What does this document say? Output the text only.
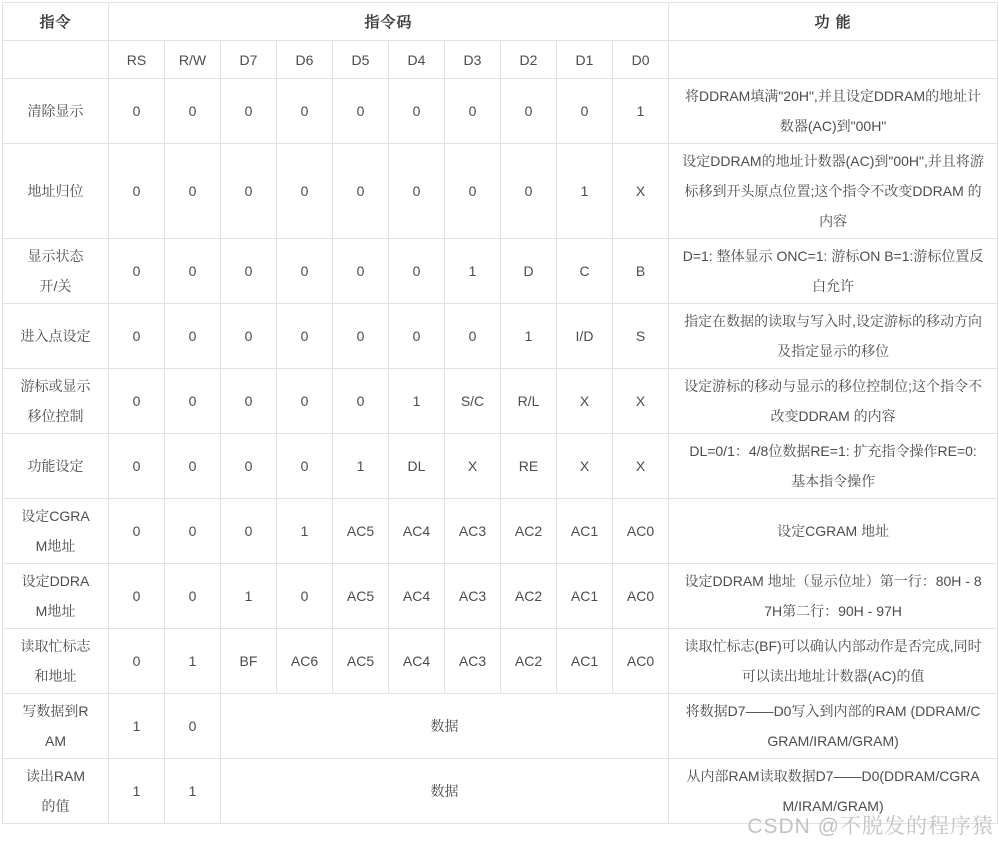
指令	指令码										功 能
	RS	R/W	D7	D6	D5	D4	D3	D2	D1	D0	
清除显示	0	0	0	0	0	0	0	0	0	1	将DDRAM填满"20H",并且设定DDRAM的地址计数器(AC)到"00H"
地址归位	0	0	0	0	0	0	0	0	1	X	设定DDRAM的地址计数器(AC)到"00H",并且将游标移到开头原点位置;这个指令不改变DDRAM 的内容
显示状态 开/关	0	0	0	0	0	0	1	D	C	B	D=1: 整体显示 ONC=1: 游标ON B=1:游标位置反白允许
进入点设定	0	0	0	0	0	0	0	1	I/D	S	指定在数据的读取与写入时,设定游标的移动方向及指定显示的移位
游标或显示移位控制	0	0	0	0	0	1	S/C	R/L	X	X	设定游标的移动与显示的移位控制位;这个指令不改变DDRAM 的内容
功能设定	0	0	0	0	1	DL	X	RE	X	X	DL=0/1：4/8位数据RE=1: 扩充指令操作RE=0: 基本指令操作
设定CGRAM地址	0	0	0	1	AC5	AC4	AC3	AC2	AC1	AC0	设定CGRAM 地址
设定DDRAM地址	0	0	1	0	AC5	AC4	AC3	AC2	AC1	AC0	设定DDRAM 地址（显示位址）第一行：80H - 87H第二行：90H - 97H
读取忙标志和地址	0	1	BF	AC6	AC5	AC4	AC3	AC2	AC1	AC0	读取忙标志(BF)可以确认内部动作是否完成,同时可以读出地址计数器(AC)的值
写数据到RAM	1	0	数据								将数据D7——D0写入到内部的RAM (DDRAM/CGRAM/IRAM/GRAM)
读出RAM的值	1	1	数据								从内部RAM读取数据D7——D0(DDRAM/CGRAM/IRAM/GRAM)
CSDN @不脱发的程序猿
